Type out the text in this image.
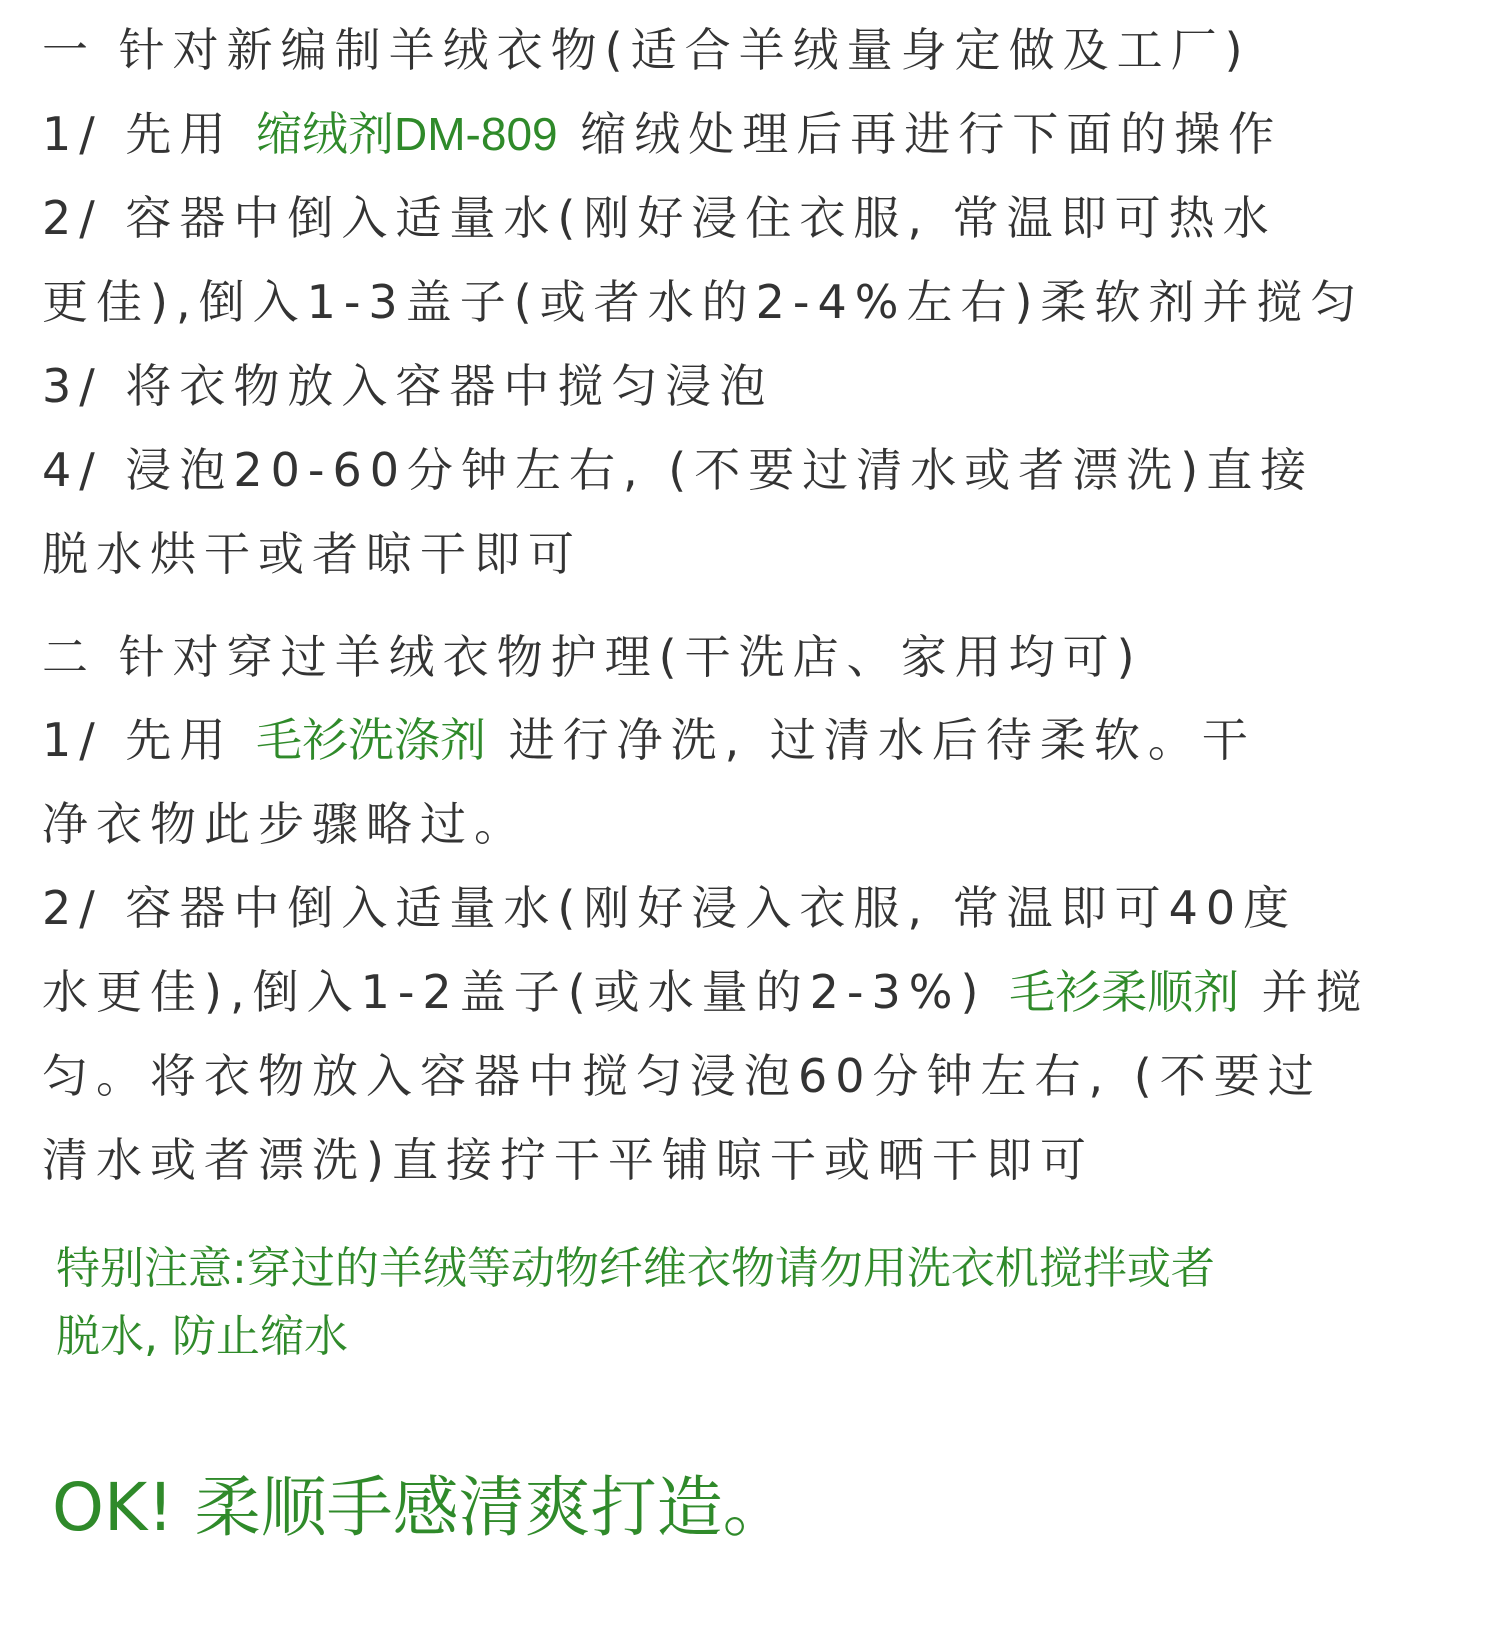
一 针对新编制羊绒衣物(适合羊绒量身定做及工厂)
1/ 先用 缩绒剂DM-809 缩绒处理后再进行下面的操作
2/ 容器中倒入适量水(刚好浸住衣服, 常温即可热水
更佳),倒入1-3盖子(或者水的2-4%左右)柔软剂并搅匀
3/ 将衣物放入容器中搅匀浸泡
4/ 浸泡20-60分钟左右, (不要过清水或者漂洗)直接
脱水烘干或者晾干即可
二 针对穿过羊绒衣物护理(干洗店、家用均可)
1/ 先用 毛衫洗涤剂 进行净洗, 过清水后待柔软。干
净衣物此步骤略过。
2/ 容器中倒入适量水(刚好浸入衣服, 常温即可40度
水更佳),倒入1-2盖子(或水量的2-3%) 毛衫柔顺剂 并搅
匀。将衣物放入容器中搅匀浸泡60分钟左右, (不要过
清水或者漂洗)直接拧干平铺晾干或晒干即可
特别注意:穿过的羊绒等动物纤维衣物请勿用洗衣机搅拌或者
脱水, 防止缩水
OK! 柔顺手感清爽打造。
